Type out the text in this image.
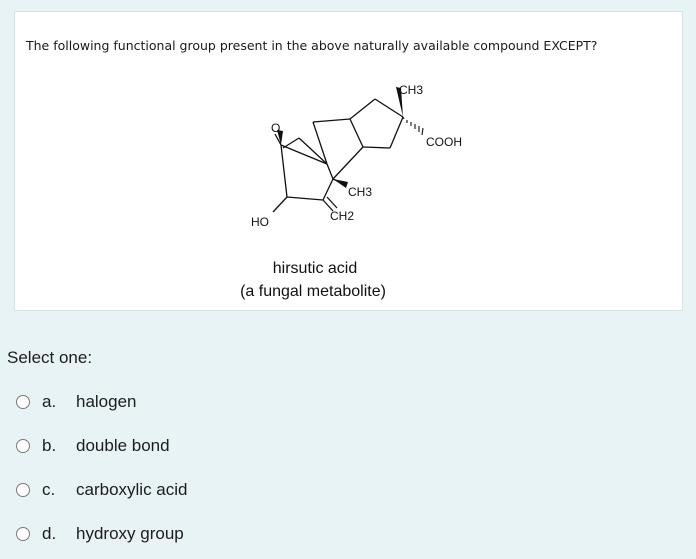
The following functional group present in the above naturally available compound EXCEPT?
CH3
COOH
CH3
CH2
HO
O
hirsutic acid
(a fungal metabolite)
Select one:
a.	halogen
b.	double bond
c.	carboxylic acid
d.	hydroxy group
